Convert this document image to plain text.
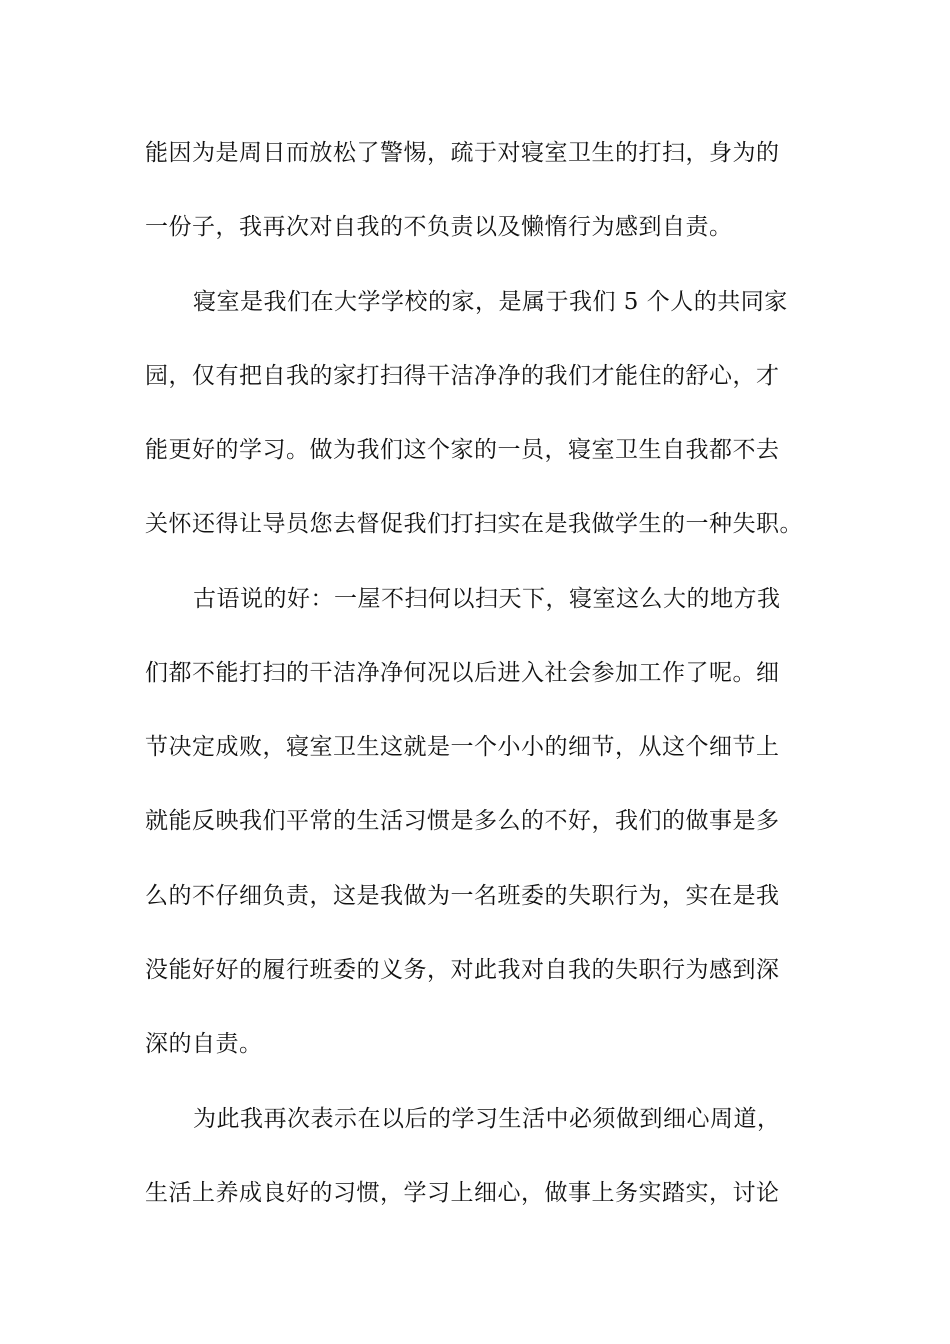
能因为是周日而放松了警惕，疏于对寝室卫生的打扫，身为的
一份子，我再次对自我的不负责以及懒惰行为感到自责。
寝室是我们在大学学校的家，是属于我们 5 个人的共同家
园，仅有把自我的家打扫得干洁净净的我们才能住的舒心，才
能更好的学习。做为我们这个家的一员，寝室卫生自我都不去
关怀还得让导员您去督促我们打扫实在是我做学生的一种失职。
古语说的好：一屋不扫何以扫天下，寝室这么大的地方我
们都不能打扫的干洁净净何况以后进入社会参加工作了呢。细
节决定成败，寝室卫生这就是一个小小的细节，从这个细节上
就能反映我们平常的生活习惯是多么的不好，我们的做事是多
么的不仔细负责，这是我做为一名班委的失职行为，实在是我
没能好好的履行班委的义务，对此我对自我的失职行为感到深
深的自责。
为此我再次表示在以后的学习生活中必须做到细心周道，
生活上养成良好的习惯，学习上细心，做事上务实踏实，讨论
